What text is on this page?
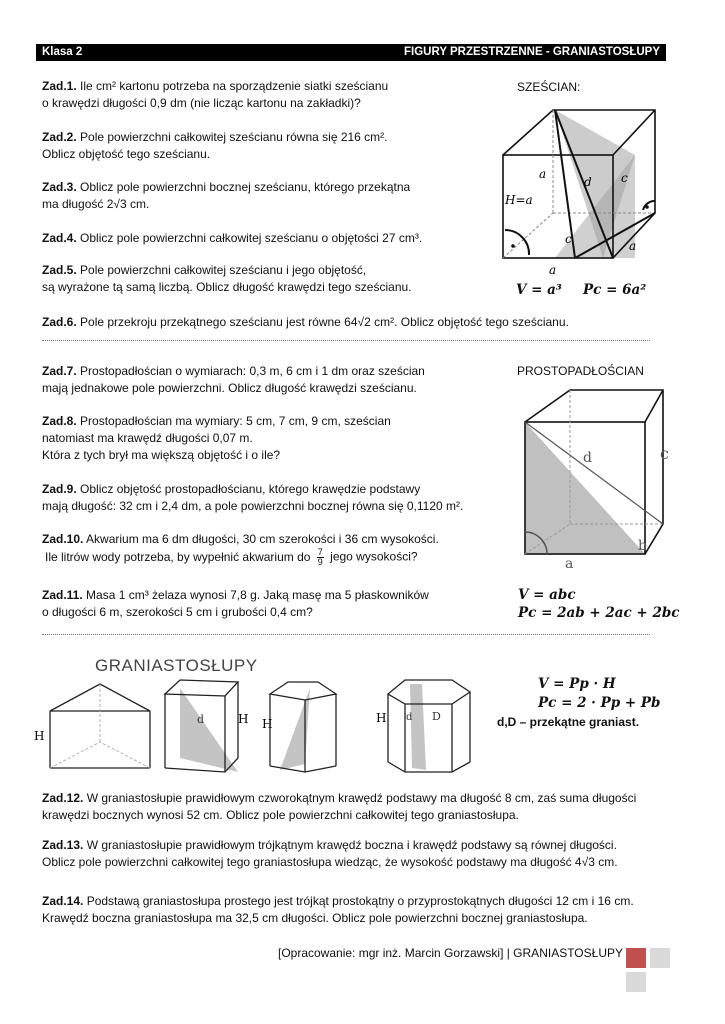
Klasa 2	FIGURY PRZESTRZENNE - GRANIASTOSŁUPY
Zad.1. Ile cm² kartonu potrzeba na sporządzenie siatki sześcianu
o krawędzi długości 0,9 dm (nie licząc kartonu na zakładki)?
Zad.2. Pole powierzchni całkowitej sześcianu równa się 216 cm².
Oblicz objętość tego sześcianu.
Zad.3. Oblicz pole powierzchni bocznej sześcianu, którego przekątna
ma długość 2√3 cm.
Zad.4. Oblicz pole powierzchni całkowitej sześcianu o objętości 27 cm³.
Zad.5. Pole powierzchni całkowitej sześcianu i jego objętość,
są wyrażone tą samą liczbą. Oblicz długość krawędzi tego sześcianu.
Zad.6. Pole przekroju przekątnego sześcianu jest równe 64√2 cm². Oblicz objętość tego sześcianu.
SZEŚCIAN:
a
d c
H=a
c	a
a
V = a³ Pc = 6a²
Zad.7. Prostopadłościan o wymiarach: 0,3 m, 6 cm i 1 dm oraz sześcian
mają jednakowe pole powierzchni. Oblicz długość krawędzi sześcianu.
Zad.8. Prostopadłościan ma wymiary: 5 cm, 7 cm, 9 cm, sześcian
natomiast ma krawędź długości 0,07 m.
Która z tych brył ma większą objętość i o ile?
Zad.9. Oblicz objętość prostopadłościanu, którego krawędzie podstawy
mają długość: 32 cm i 2,4 dm, a pole powierzchni bocznej równa się 0,1120 m².
Zad.10. Akwarium ma 6 dm długości, 30 cm szerokości i 36 cm wysokości.
Ile litrów wody potrzeba, by wypełnić akwarium do $\frac{7}{9}$ jego wysokości?
Zad.11. Masa 1 cm³ żelaza wynosi 7,8 g. Jaką masę ma 5 płaskowników
o długości 6 m, szerokości 5 cm i grubości 0,4 cm?
PROSTOPADŁOŚCIAN
d	c
a
b
V = abc
Pc = 2ab + 2ac + 2bc
GRANIASTOSŁUPY
H
d	H H	d D
H
V = Pp · H
Pc = 2 · Pp + Pb
d,D – przekątne graniast.
Zad.12. W graniastosłupie prawidłowym czworokątnym krawędź podstawy ma długość 8 cm, zaś suma długości
krawędzi bocznych wynosi 52 cm. Oblicz pole powierzchni całkowitej tego graniastosłupa.
Zad.13. W graniastosłupie prawidłowym trójkątnym krawędź boczna i krawędź podstawy są równej długości.
Oblicz pole powierzchni całkowitej tego graniastosłupa wiedząc, że wysokość podstawy ma długość 4√3 cm.
Zad.14. Podstawą graniastosłupa prostego jest trójkąt prostokątny o przyprostokątnych długości 12 cm i 16 cm.
Krawędź boczna graniastosłupa ma 32,5 cm długości. Oblicz pole powierzchni bocznej graniastosłupa.
[Opracowanie: mgr inż. Marcin Gorzawski] | GRANIASTOSŁUPY
